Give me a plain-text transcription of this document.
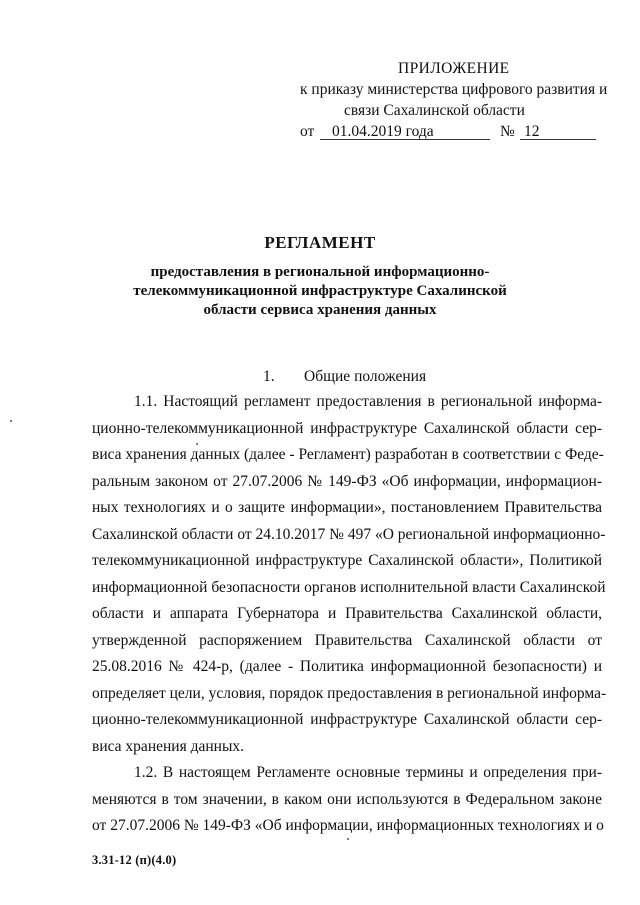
ПРИЛОЖЕНИЕ
к приказу министерства цифрового развития и
связи Сахалинской области
от	01.04.2019 года	№ 12
РЕГЛАМЕНТ
предоставления в региональной информационно-
телекоммуникационной инфраструктуре Сахалинской
области сервиса хранения данных
1. Общие положения
1.1. Настоящий регламент предоставления в региональной информа-
ционно-телекоммуникационной инфраструктуре Сахалинской области сер-
виса хранения данных (далее - Регламент) разработан в соответствии с Феде-
ральным законом от 27.07.2006 № 149-ФЗ «Об информации, информацион-
ных технологиях и о защите информации», постановлением Правительства
Сахалинской области от 24.10.2017 № 497 «О региональной информационно-
телекоммуникационной инфраструктуре Сахалинской области», Политикой
информационной безопасности органов исполнительной власти Сахалинской
области и аппарата Губернатора и Правительства Сахалинской области,
утвержденной распоряжением Правительства Сахалинской области от
25.08.2016 № 424-р, (далее - Политика информационной безопасности) и
определяет цели, условия, порядок предоставления в региональной информа-
ционно-телекоммуникационной инфраструктуре Сахалинской области сер-
виса хранения данных.
1.2. В настоящем Регламенте основные термины и определения при-
меняются в том значении, в каком они используются в Федеральном законе
от 27.07.2006 № 149-ФЗ «Об информации, информационных технологиях и о
3.31-12 (п)(4.0)
